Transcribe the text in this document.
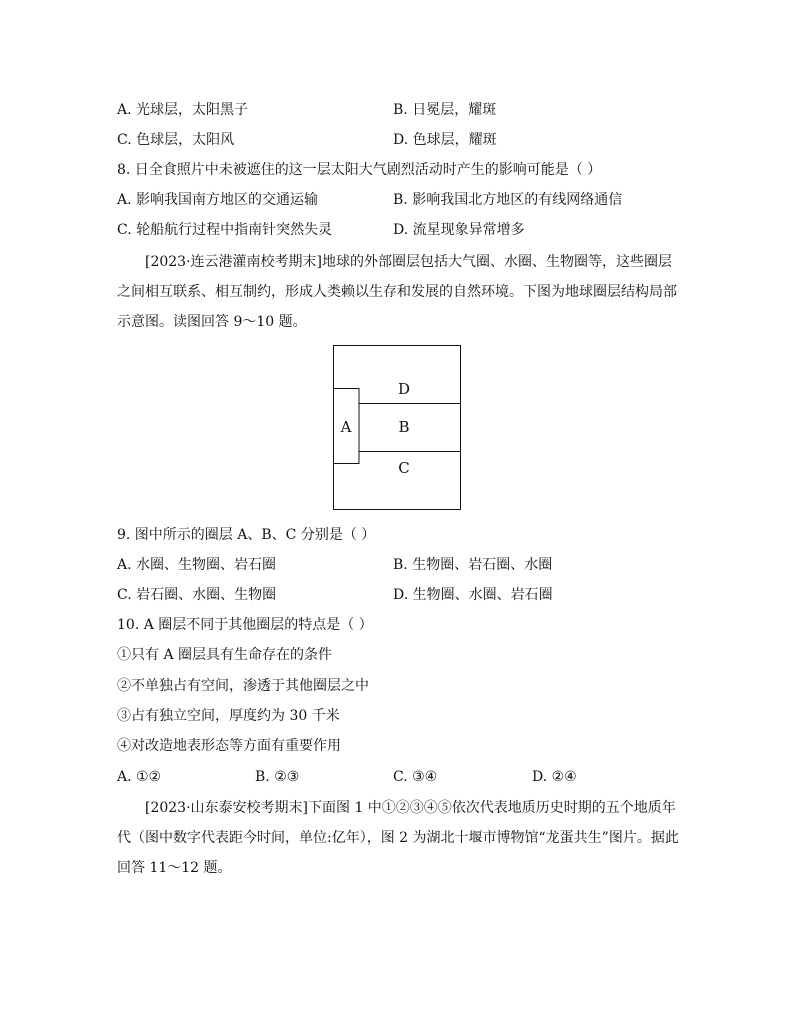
A. 光球层，太阳黑子	B. 日冕层，耀斑
C. 色球层，太阳风	D. 色球层，耀斑
8. 日全食照片中未被遮住的这一层太阳大气剧烈活动时产生的影响可能是（ ）
A. 影响我国南方地区的交通运输	B. 影响我国北方地区的有线网络通信
C. 轮船航行过程中指南针突然失灵	D. 流星现象异常增多
[2023·连云港灌南校考期末]地球的外部圈层包括大气圈、水圈、生物圈等，这些圈层之间相互联系、相互制约，形成人类赖以生存和发展的自然环境。下图为地球圈层结构局部示意图。读图回答 9～10 题。
A
D
B
C
9. 图中所示的圈层 A、B、C 分别是（ ）
A. 水圈、生物圈、岩石圈	B. 生物圈、岩石圈、水圈
C. 岩石圈、水圈、生物圈	D. 生物圈、水圈、岩石圈
10. A 圈层不同于其他圈层的特点是（ ）
①只有 A 圈层具有生命存在的条件
②不单独占有空间，渗透于其他圈层之中
③占有独立空间，厚度约为 30 千米
④对改造地表形态等方面有重要作用
A. ①②	B. ②③	C. ③④	D. ②④
[2023·山东泰安校考期末]下面图 1 中①②③④⑤依次代表地质历史时期的五个地质年代（图中数字代表距今时间，单位:亿年），图 2 为湖北十堰市博物馆“龙蛋共生”图片。据此回答 11～12 题。
